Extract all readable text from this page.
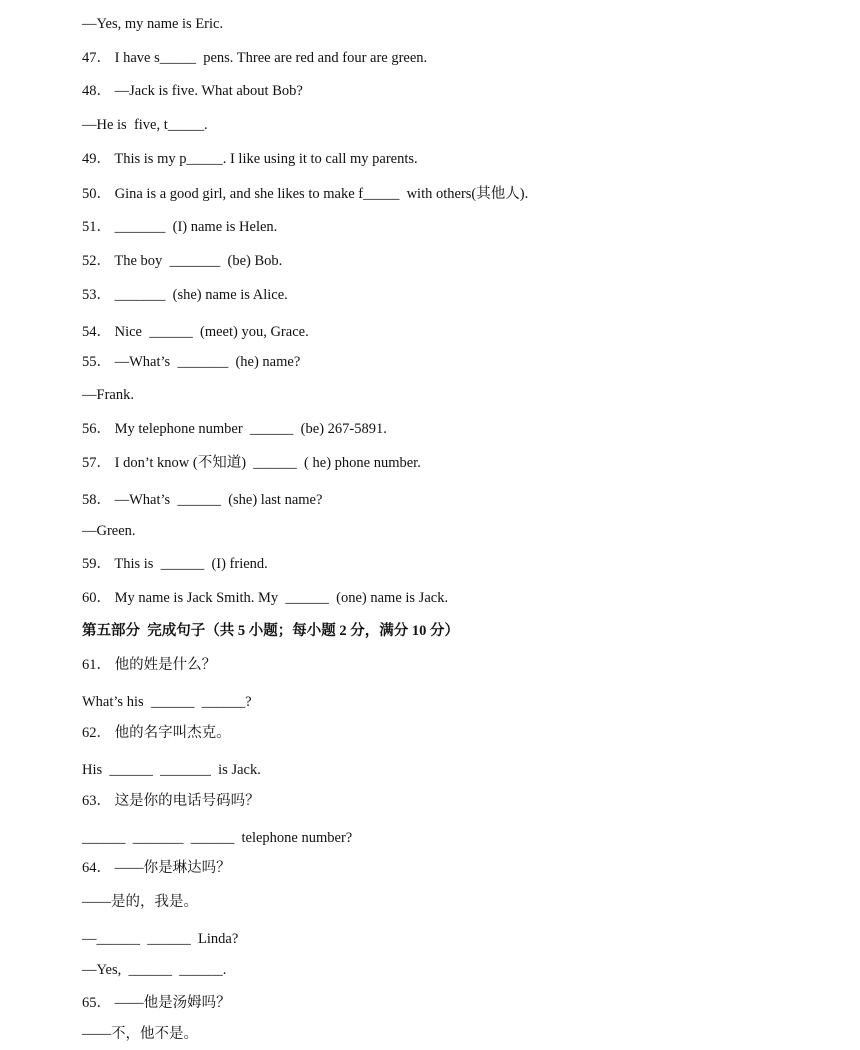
—Yes, my name is Eric.
47． I have s_____  pens. Three are red and four are green.
48． —Jack is five. What about Bob?
—He is  five, t_____.
49． This is my p_____. I like using it to call my parents.
50． Gina is a good girl, and she likes to make f_____  with others(其他人).
51． _______  (I) name is Helen.
52． The boy  _______  (be) Bob.
53． _______  (she) name is Alice.
54． Nice  ______  (meet) you, Grace.
55． —What’s  _______  (he) name?
—Frank.
56． My telephone number  ______  (be) 267-5891.
57． I don’t know (不知道)  ______  ( he) phone number.
58． —What’s  ______  (she) last name?
—Green.
59． This is  ______  (I) friend.
60． My name is Jack Smith. My  ______  (one) name is Jack.
第五部分  完成句子（共 5 小题；每小题 2 分，满分 10 分）
61． 他的姓是什么？
What’s his  ______  ______?
62． 他的名字叫杰克。
His  ______  _______  is Jack.
63． 这是你的电话号码吗？
______  _______  ______  telephone number?
64． ——你是琳达吗？
——是的，我是。
—______  ______  Linda?
—Yes,  ______  ______.
65． ——他是汤姆吗？
——不，他不是。
